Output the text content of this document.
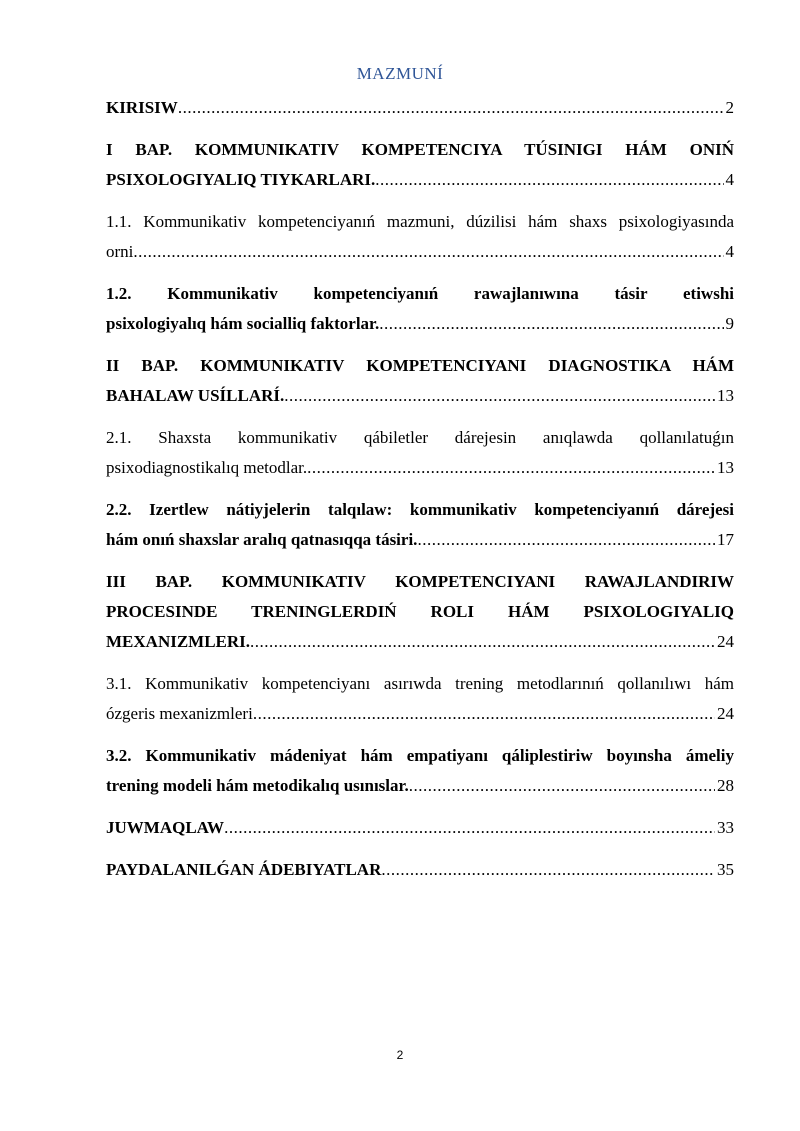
MAZMUNÍ
KIRISIW .....	2
I BAP. KOMMUNIKATIV KOMPETENCIYA TÚSINIGI HÁM ONIŃ
PSIXOLOGIYALIQ TIYKARLARI. .....	4
1.1. Kommunikativ kompetenciyanıń mazmuni, dúzilisi hám shaxs psixologiyasında
orni .....	4
1.2. Kommunikativ kompetenciyanıń rawajlanıwına tásir etiwshi
psixologiyalıq hám socialliq faktorlar. .....	9
II BAP. KOMMUNIKATIV KOMPETENCIYANI DIAGNOSTIKA HÁM
BAHALAW USÍLLARÍ. .....	13
2.1. Shaxsta kommunikativ qábiletler dárejesin anıqlawda qollanılatuǵın
psixodiagnostikalıq metodlar. .....	13
2.2. Izertlew nátiyjelerin talqılaw: kommunikativ kompetenciyanıń dárejesi
hám onıń shaxslar aralıq qatnasıqqa tásiri. .....	17
III BAP. KOMMUNIKATIV KOMPETENCIYANI RAWAJLANDIRIW
PROCESINDE TRENINGLERDIŃ ROLI HÁM PSIXOLOGIYALIQ
MEXANIZMLERI. .....	24
3.1. Kommunikativ kompetenciyanı asırıwda trening metodlarınıń qollanılıwı hám
ózgeris mexanizmleri .....	24
3.2. Kommunikativ mádeniyat hám empatiyanı qáliplestiriw boyınsha ámeliy
trening modeli hám metodikalıq usınıslar. .....	28
JUWMAQLAW .....	33
PAYDALANILǴAN ÁDEBIYATLAR .....	35
2
